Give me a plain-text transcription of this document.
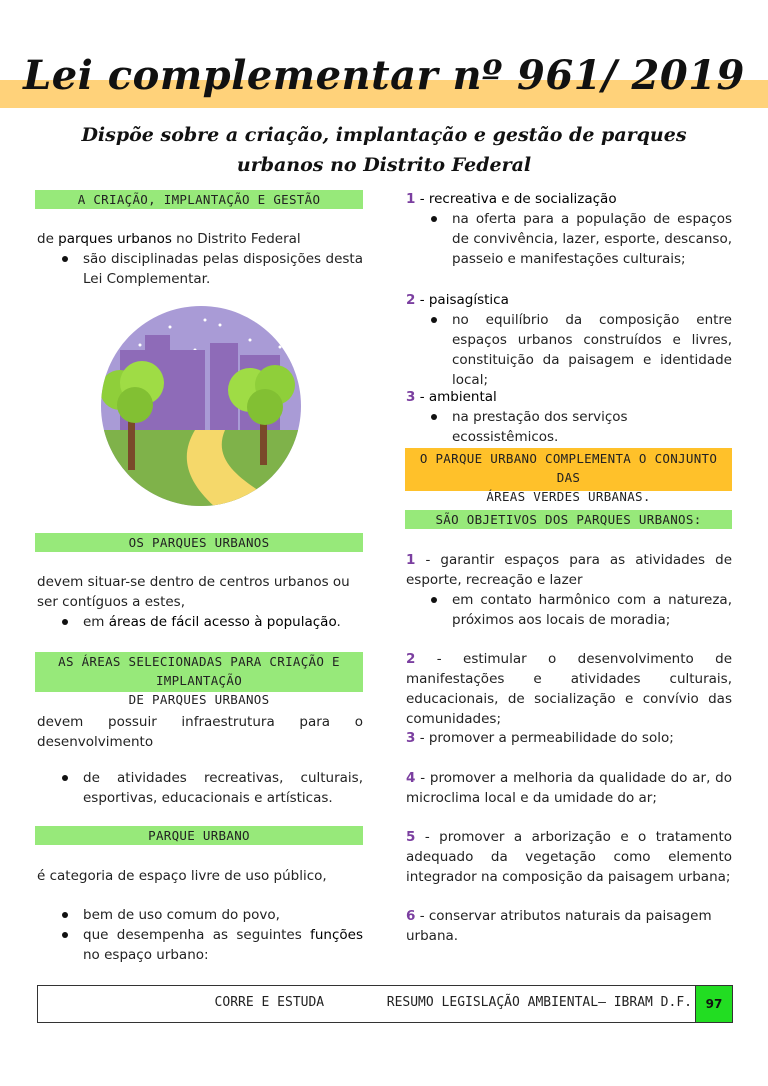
Lei complementar nº 961/ 2019
Dispõe sobre a criação, implantação e gestão de parques urbanos no Distrito Federal
A CRIAÇÃO, IMPLANTAÇÃO E GESTÃO
de parques urbanos no Distrito Federal
são disciplinadas pelas disposições desta Lei Complementar.
OS PARQUES URBANOS
devem situar-se dentro de centros urbanos ou ser contíguos a estes,
em áreas de fácil acesso à população.
AS ÁREAS SELECIONADAS PARA CRIAÇÃO E IMPLANTAÇÃO
DE PARQUES URBANOS
devem possuir infraestrutura para o desenvolvimento
de atividades recreativas, culturais, esportivas, educacionais e artísticas.
PARQUE URBANO
é categoria de espaço livre de uso público,
bem de uso comum do povo,
que desempenha as seguintes funções no espaço urbano:
1 - recreativa e de socialização
na oferta para a população de espaços de convivência, lazer, esporte, descanso, passeio e manifestações culturais;
2 - paisagística
no equilíbrio da composição entre espaços urbanos construídos e livres, constituição da paisagem e identidade local;
3 - ambiental
na prestação dos serviços ecossistêmicos.
O PARQUE URBANO COMPLEMENTA O CONJUNTO DAS
ÁREAS VERDES URBANAS.
SÃO OBJETIVOS DOS PARQUES URBANOS:
1 - garantir espaços para as atividades de esporte, recreação e lazer
em contato harmônico com a natureza, próximos aos locais de moradia;
2 - estimular o desenvolvimento de manifestações e atividades culturais, educacionais, de socialização e convívio das comunidades;
3 - promover a permeabilidade do solo;
4 - promover a melhoria da qualidade do ar, do microclima local e da umidade do ar;
5 - promover a arborização e o tratamento adequado da vegetação como elemento integrador na composição da paisagem urbana;
6 - conservar atributos naturais da paisagem urbana.
CORRE E ESTUDA	RESUMO LEGISLAÇÃO AMBIENTAL– IBRAM D.F.	97
